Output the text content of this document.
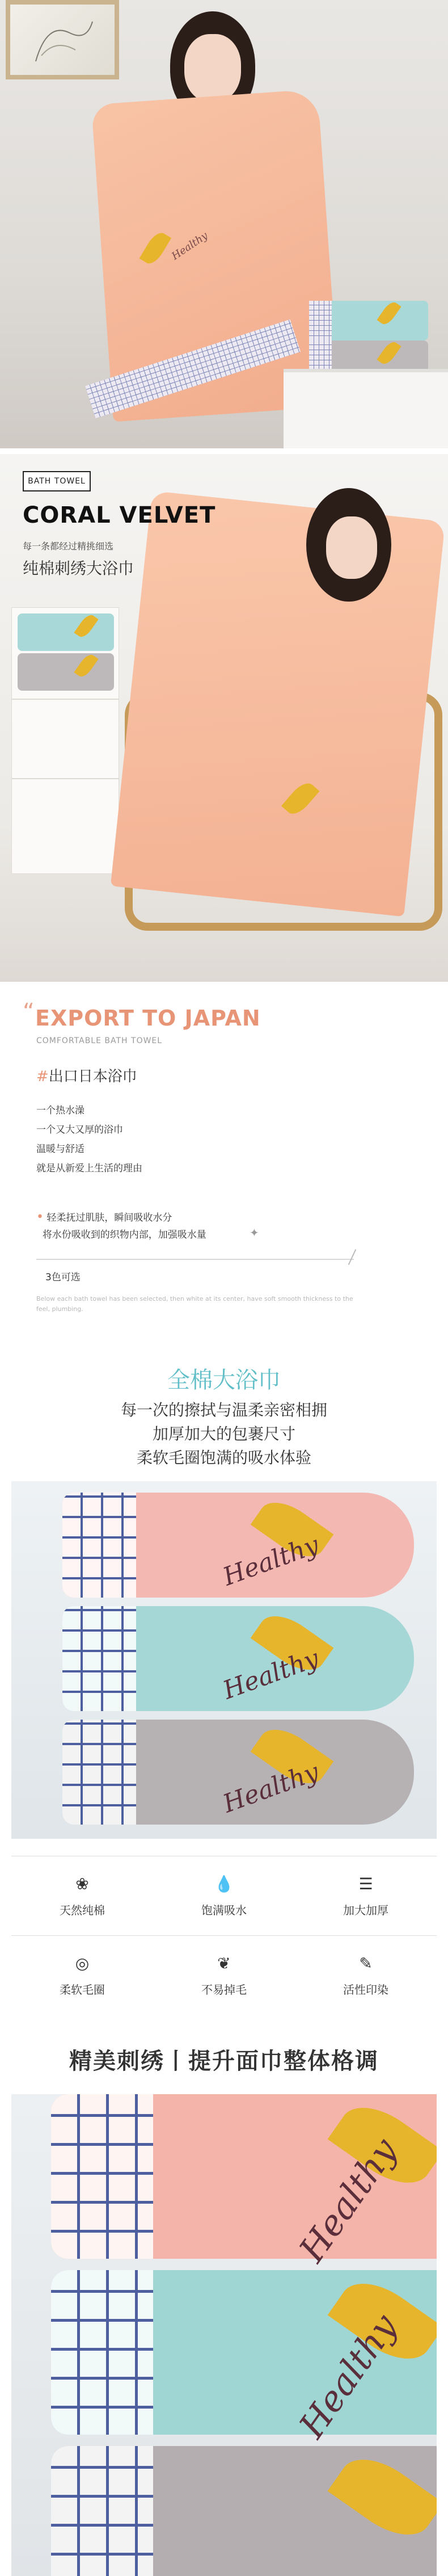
Healthy
BATH TOWEL
CORAL VELVET
每一条都经过精挑细选
纯棉刺绣大浴巾
“ EXPORT TO JAPAN
COMFORTABLE BATH TOWEL
#出口日本浴巾
一个热水澡
一个又大又厚的浴巾
温暖与舒适
就是从新爱上生活的理由
• 轻柔抚过肌肤，瞬间吸收水分
将水份吸收到的织物内部，加强吸水量	✦
3色可选
Below each bath towel has been selected, then white at its center, have soft smooth thickness to the feel, plumbing.
全棉大浴巾
每一次的擦拭与温柔亲密相拥
加厚加大的包裹尺寸
柔软毛圈饱满的吸水体验
Healthy
Healthy
Healthy
❀
天然纯棉
💧
饱满吸水
☰
加大加厚
◎
柔软毛圈
❦
不易掉毛
✎
活性印染
精美刺绣丨提升面巾整体格调
Healthy
Healthy
